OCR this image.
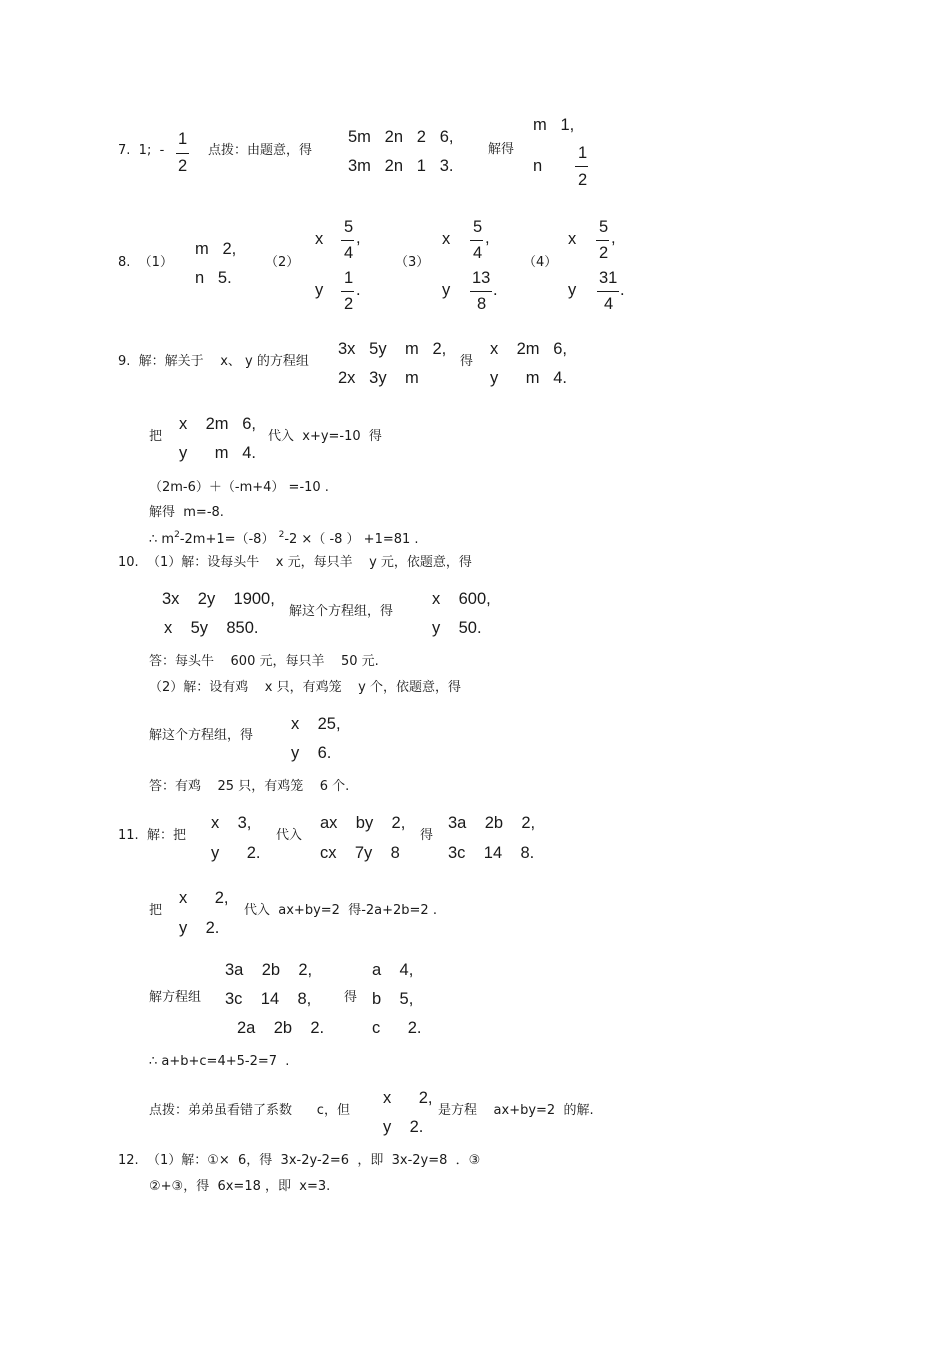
7.  1;  -
1
2
点拨：由题意，得
5m   2n   2   6,
3m   2n   1   3.
解得
m   1,
n
1
2
8.  （1）
m   2,
n   5.
（2）
x
5
4
,
y
1
2
.
（3）
x
5
4
,
y
13
8
.
（4）
x
5
2
,
y
31
4
.
9.  解：解关于    x、 y 的方程组
3x   5y    m   2,
2x   3y    m
得
x    2m   6,
y      m   4.
把
x    2m   6,
y      m   4.
代入  x+y=-10  得
（2m-6）＋（-m+4） =-10 .
解得  m=-8.
∴ $m^2-2m+1=(-8)$ $^2$-2 ×（ -8 ） +1=81 .
10.  （1）解：设每头牛    x 元，每只羊    y 元，依题意，得
3x    2y    1900,
x    5y    850.
解这个方程组，得
x    600,
y    50.
答：每头牛    600 元，每只羊    50 元.
（2）解：设有鸡    x 只，有鸡笼    y 个，依题意，得
解这个方程组，得
x    25,
y    6.
答：有鸡    25 只，有鸡笼    6 个.
11.  解：把
x    3,
y      2.
代入
ax    by    2,
cx    7y    8
得
3a    2b    2,
3c    14    8.
把
x      2,
y    2.
代入  ax+by=2  得-2a+2b=2 .
解方程组
3a    2b    2,
3c    14    8,
2a    2b    2.
得
a    4,
b    5,
c      2.
∴ a+b+c=4+5-2=7  .
点拨：弟弟虽看错了系数      c，但
x      2,
y    2.
是方程    ax+by=2  的解.
12.  （1）解：①×  6，得  3x-2y-2=6  ，即  3x-2y=8  ．③
②+③，得  6x=18 ，即  x=3.
